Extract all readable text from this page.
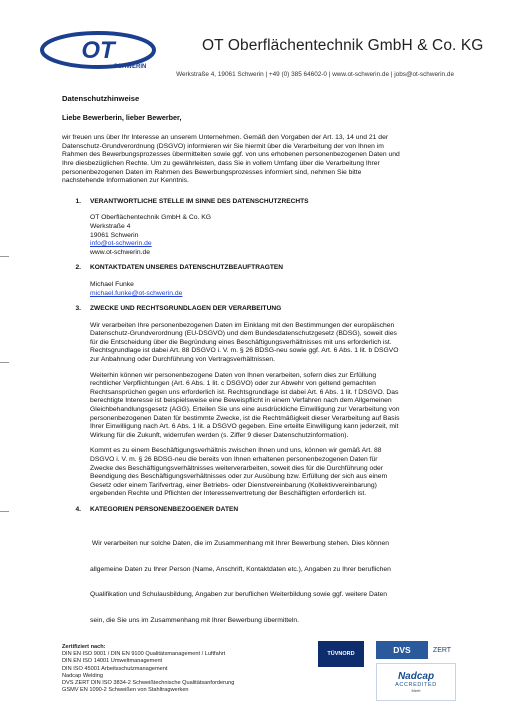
OT
SCHWERIN
OT Oberflächentechnik GmbH & Co. KG
Werkstraße 4, 19061 Schwerin | +49 (0) 385 64602-0 | www.ot-schwerin.de | jobs@ot-schwerin.de
Datenschutzhinweise
Liebe Bewerberin, lieber Bewerber,

wir freuen uns über Ihr Interesse an unserem Unternehmen. Gemäß den Vorgaben der Art. 13, 14 und 21 der
Datenschutz-Grundverordnung (DSGVO) informieren wir Sie hiermit über die Verarbeitung der von Ihnen im
Rahmen des Bewerbungsprozesses übermittelten sowie ggf. von uns erhobenen personenbezogenen Daten und
Ihre diesbezüglichen Rechte. Um zu gewährleisten, dass Sie in vollem Umfang über die Verarbeitung Ihrer
personenbezogenen Daten im Rahmen des Bewerbungsprozesses informiert sind, nehmen Sie bitte
nachstehende Informationen zur Kenntnis.

1.	VERANTWORTLICHE STELLE IM SINNE DES DATENSCHUTZRECHTS

OT Oberflächentechnik GmbH & Co. KG
Werkstraße 4
19061 Schwerin
info@ot-schwerin.de
www.ot-schwerin.de

2.	KONTAKTDATEN UNSERES DATENSCHUTZBEAUFTRAGTEN

Michael Funke
michael.funke@ot-schwerin.de

3.	ZWECKE UND RECHTSGRUNDLAGEN DER VERARBEITUNG

Wir verarbeiten Ihre personenbezogenen Daten im Einklang mit den Bestimmungen der europäischen
Datenschutz-Grundverordnung (EU-DSGVO) und dem Bundesdatenschutzgesetz (BDSG), soweit dies
für die Entscheidung über die Begründung eines Beschäftigungsverhältnisses mit uns erforderlich ist.
Rechtsgrundlage ist dabei Art. 88 DSGVO i. V. m. § 26 BDSG-neu sowie ggf. Art. 6 Abs. 1 lit. b DSGVO
zur Anbahnung oder Durchführung von Vertragsverhältnissen.

Weiterhin können wir personenbezogene Daten von Ihnen verarbeiten, sofern dies zur Erfüllung
rechtlicher Verpflichtungen (Art. 6 Abs. 1 lit. c DSGVO) oder zur Abwehr von geltend gemachten
Rechtsansprüchen gegen uns erforderlich ist. Rechtsgrundlage ist dabei Art. 6 Abs. 1 lit. f DSGVO. Das
berechtigte Interesse ist beispielsweise eine Beweispflicht in einem Verfahren nach dem Allgemeinen
Gleichbehandlungsgesetz (AGG). Erteilen Sie uns eine ausdrückliche Einwilligung zur Verarbeitung von
personenbezogenen Daten für bestimmte Zwecke, ist die Rechtmäßigkeit dieser Verarbeitung auf Basis
Ihrer Einwilligung nach Art. 6 Abs. 1 lit. a DSGVO gegeben. Eine erteilte Einwilligung kann jederzeit, mit
Wirkung für die Zukunft, widerrufen werden (s. Ziffer 9 dieser Datenschutzinformation).

Kommt es zu einem Beschäftigungsverhältnis zwischen Ihnen und uns, können wir gemäß Art. 88
DSGVO i. V. m. § 26 BDSG-neu die bereits von Ihnen erhaltenen personenbezogenen Daten für
Zwecke des Beschäftigungsverhältnisses weiterverarbeiten, soweit dies für die Durchführung oder
Beendigung des Beschäftigungsverhältnisses oder zur Ausübung bzw. Erfüllung der sich aus einem
Gesetz oder einem Tarifvertrag, einer Betriebs- oder Dienstvereinbarung (Kollektivvereinbarung)
ergebenden Rechte und Pflichten der Interessenvertretung der Beschäftigten erforderlich ist.

4.	KATEGORIEN PERSONENBEZOGENER DATEN

Wir verarbeiten nur solche Daten, die im Zusammenhang mit Ihrer Bewerbung stehen. Dies können

allgemeine Daten zu Ihrer Person (Name, Anschrift, Kontaktdaten etc.), Angaben zu Ihrer beruflichen

Qualifikation und Schulausbildung, Angaben zur beruflichen Weiterbildung sowie ggf. weitere Daten

sein, die Sie uns im Zusammenhang mit Ihrer Bewerbung übermitteln.

Zertifiziert nach:
DIN EN ISO 9001 / DIN EN 9100 Qualitätsmanagement / Luftfahrt
DIN EN ISO 14001 Umweltmanagement
DIN ISO 45001 Arbeitsschutzmanagement
Nadcap Welding
DVS ZERT DIN ISO 3834-2 Schweißtechnische Qualitätsanforderung
GSMV EN 1090-2 Schweißen von Stahltragwerken
TÜVNORD	DVS	ZERT
Nadcap
ACCREDITED
Merit
